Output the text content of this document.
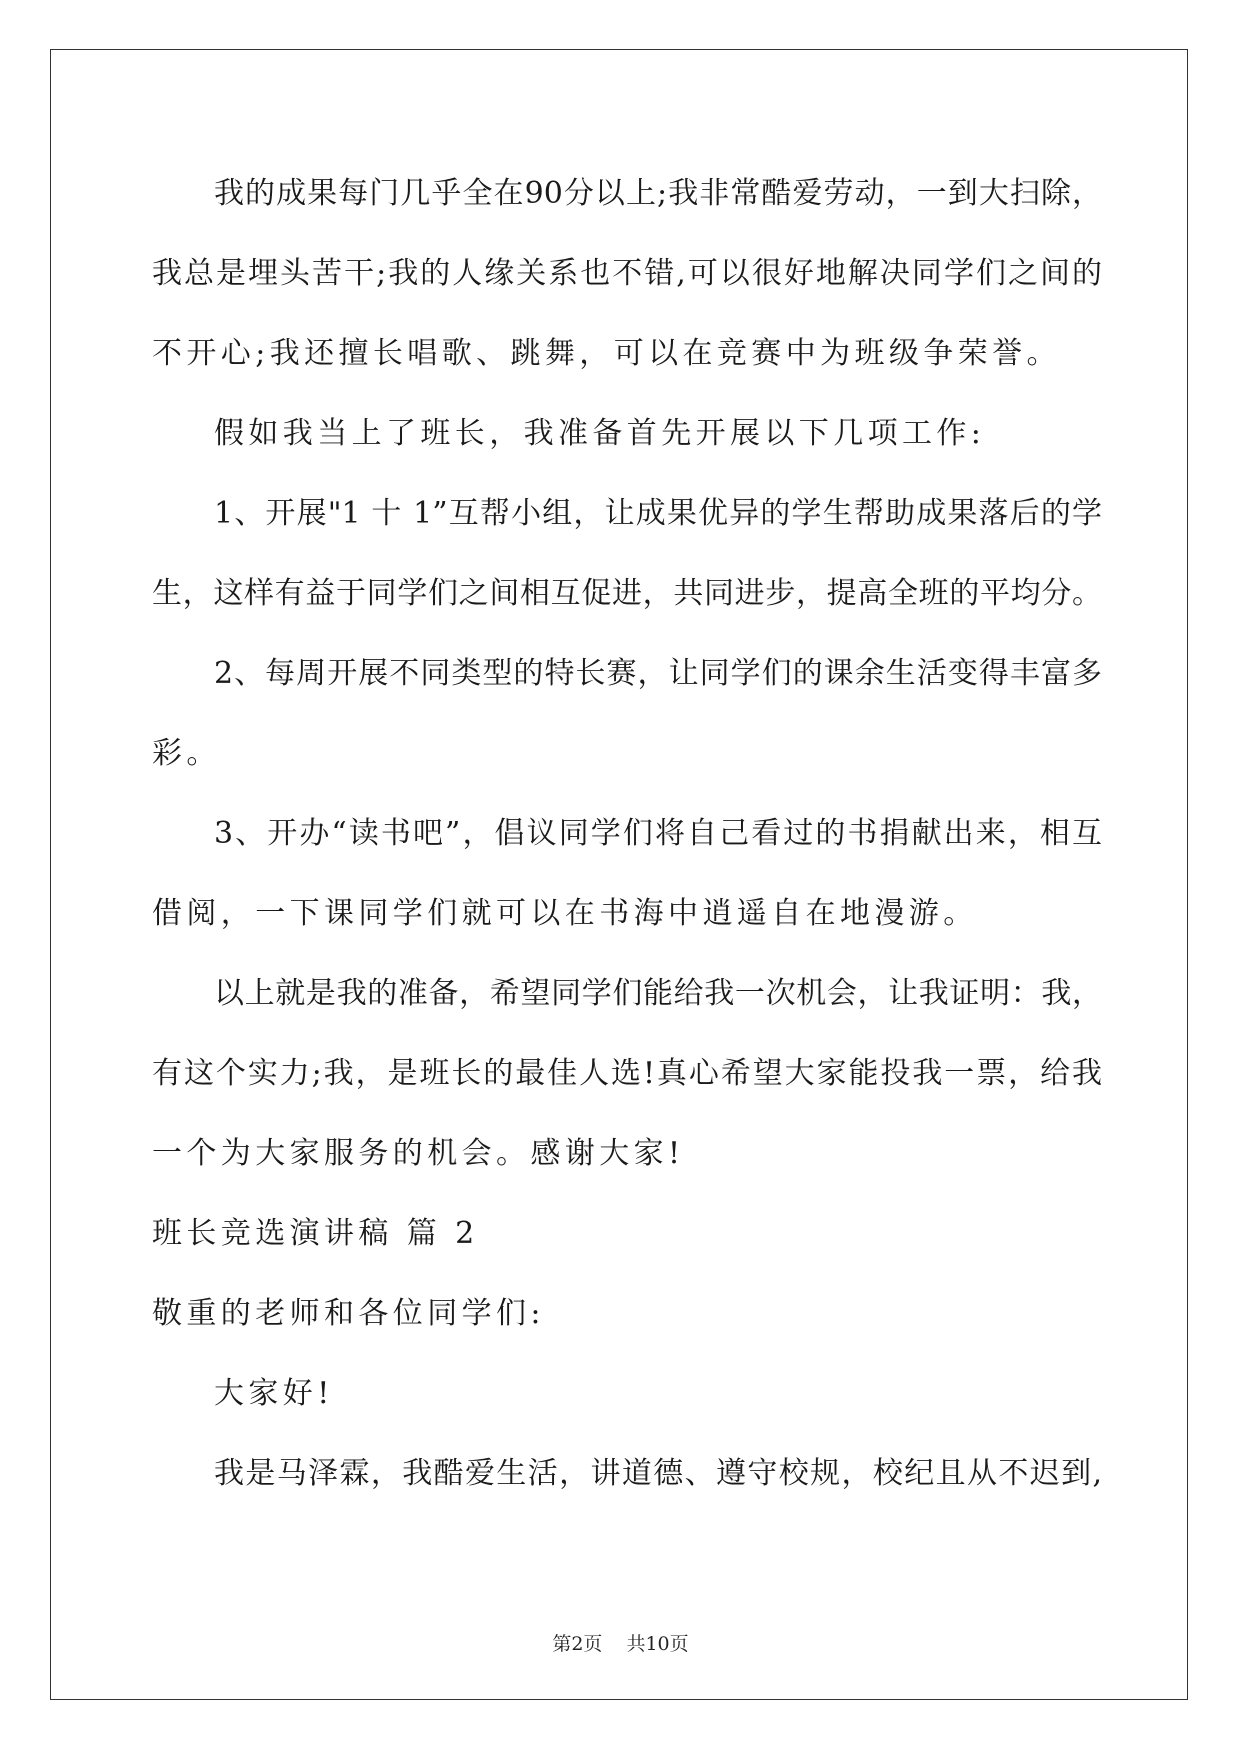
我的成果每门几乎全在90分以上;我非常酷爱劳动，一到大扫除，
我总是埋头苦干;我的人缘关系也不错,可以很好地解决同学们之间的
不开心;我还擅长唱歌、跳舞，可以在竞赛中为班级争荣誉。
假如我当上了班长，我准备首先开展以下几项工作:
1、开展"1 十 1”互帮小组，让成果优异的学生帮助成果落后的学
生，这样有益于同学们之间相互促进，共同进步，提高全班的平均分。
2、每周开展不同类型的特长赛，让同学们的课余生活变得丰富多
彩。
3、开办“读书吧”，倡议同学们将自己看过的书捐献出来，相互
借阅，一下课同学们就可以在书海中逍遥自在地漫游。
以上就是我的准备，希望同学们能给我一次机会，让我证明：我，
有这个实力;我，是班长的最佳人选!真心希望大家能投我一票，给我
一个为大家服务的机会。感谢大家!
班长竞选演讲稿 篇 2
敬重的老师和各位同学们:
大家好!
我是马泽霖，我酷爱生活，讲道德、遵守校规，校纪且从不迟到,
第2页 共10页
